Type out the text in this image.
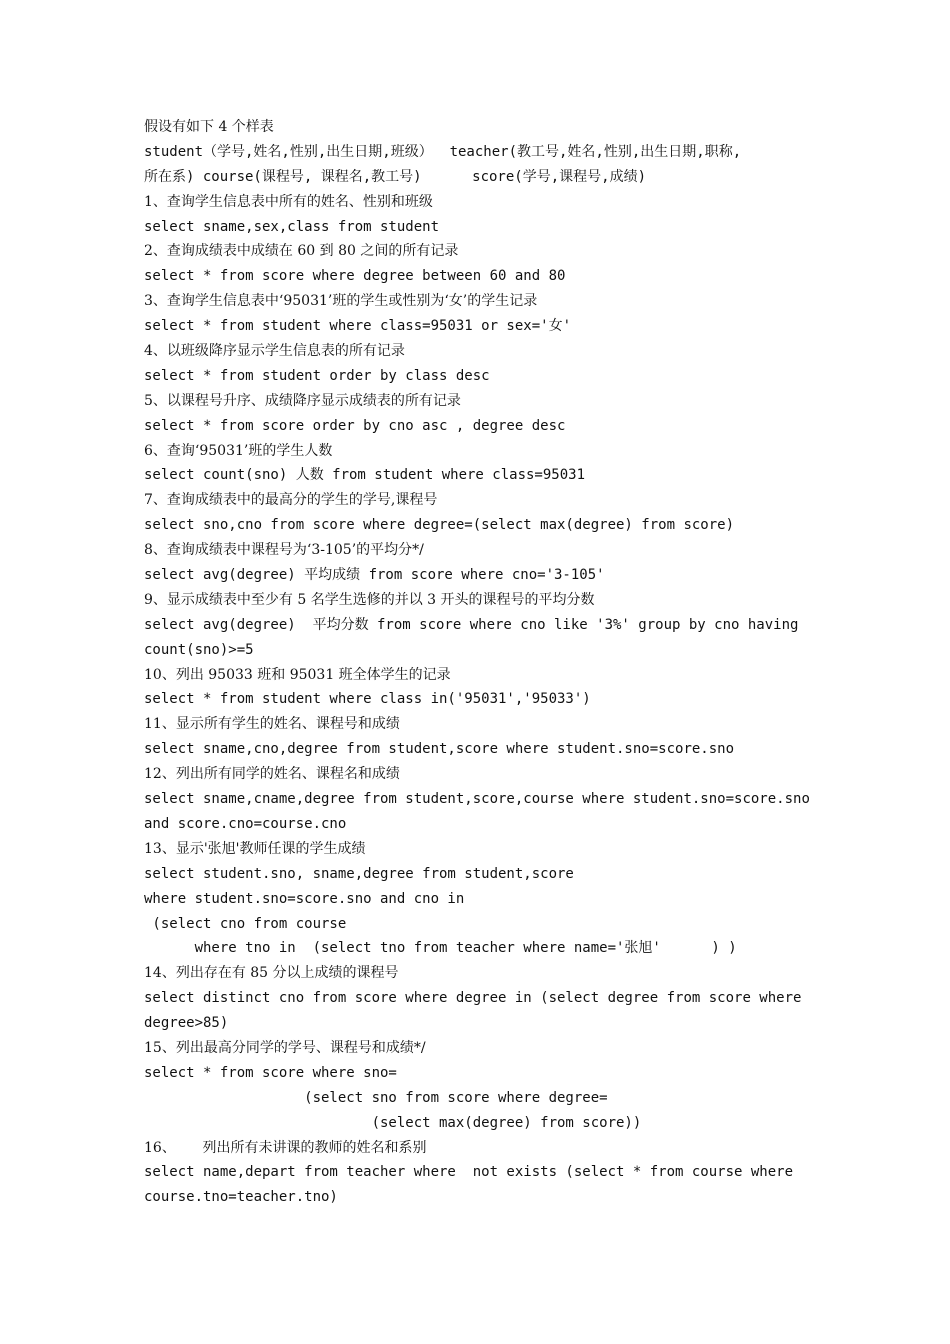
假设有如下 4 个样表
student（学号,姓名,性别,出生日期,班级）  teacher(教工号,姓名,性别,出生日期,职称,
所在系) course(课程号, 课程名,教工号)      score(学号,课程号,成绩)
1、查询学生信息表中所有的姓名、性别和班级
select sname,sex,class from student
2、查询成绩表中成绩在 60 到 80 之间的所有记录
select * from score where degree between 60 and 80
3、查询学生信息表中‘95031’班的学生或性别为‘女’的学生记录
select * from student where class=95031 or sex='女'
4、以班级降序显示学生信息表的所有记录
select * from student order by class desc
5、以课程号升序、成绩降序显示成绩表的所有记录
select * from score order by cno asc , degree desc
6、查询‘95031’班的学生人数
select count(sno) 人数 from student where class=95031
7、查询成绩表中的最高分的学生的学号,课程号
select sno,cno from score where degree=(select max(degree) from score)
8、查询成绩表中课程号为‘3-105’的平均分*/
select avg(degree) 平均成绩 from score where cno='3-105'
9、显示成绩表中至少有 5 名学生选修的并以 3 开头的课程号的平均分数
select avg(degree)  平均分数 from score where cno like '3%' group by cno having
count(sno)>=5
10、列出 95033 班和 95031 班全体学生的记录
select * from student where class in('95031','95033')
11、显示所有学生的姓名、课程号和成绩
select sname,cno,degree from student,score where student.sno=score.sno
12、列出所有同学的姓名、课程名和成绩
select sname,cname,degree from student,score,course where student.sno=score.sno
and score.cno=course.cno
13、显示'张旭'教师任课的学生成绩
select student.sno, sname,degree from student,score
where student.sno=score.sno and cno in
(select cno from course
where tno in  (select tno from teacher where name='张旭'      ) )
14、列出存在有 85 分以上成绩的课程号
select distinct cno from score where degree in (select degree from score where
degree>85)
15、列出最高分同学的学号、课程号和成绩*/
select * from score where sno=
(select sno from score where degree=
(select max(degree) from score))
16、      列出所有未讲课的教师的姓名和系别
select name,depart from teacher where  not exists (select * from course where
course.tno=teacher.tno)
